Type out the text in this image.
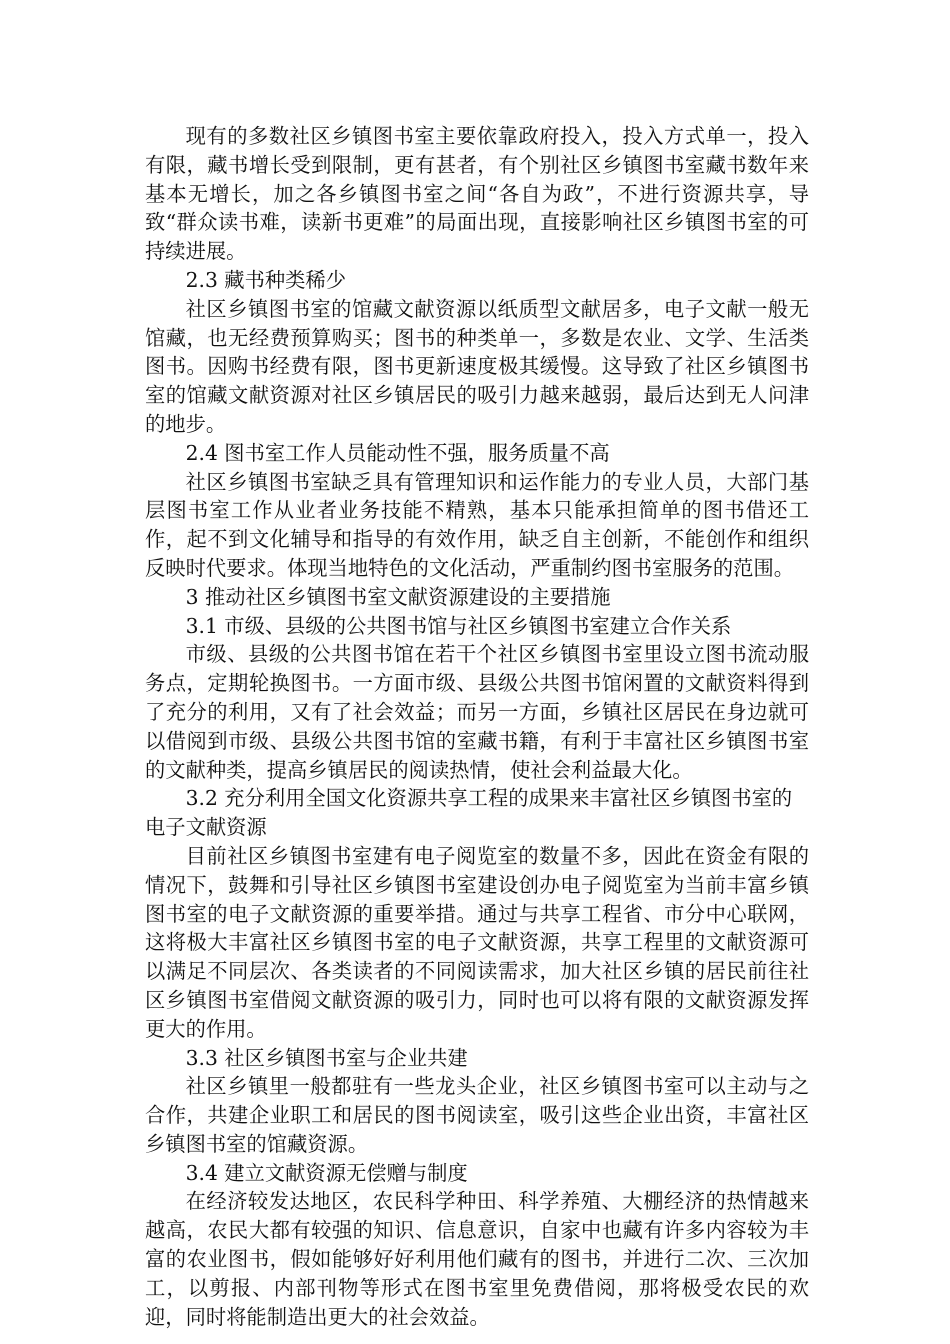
现有的多数社区乡镇图书室主要依靠政府投入，投入方式单一，投入有限，藏书增长受到限制，更有甚者，有个别社区乡镇图书室藏书数年来基本无增长，加之各乡镇图书室之间“各自为政”，不进行资源共享，导致“群众读书难，读新书更难”的局面出现，直接影响社区乡镇图书室的可持续进展。

2.3 藏书种类稀少

社区乡镇图书室的馆藏文献资源以纸质型文献居多，电子文献一般无馆藏，也无经费预算购买；图书的种类单一，多数是农业、文学、生活类图书。因购书经费有限，图书更新速度极其缓慢。这导致了社区乡镇图书室的馆藏文献资源对社区乡镇居民的吸引力越来越弱，最后达到无人问津的地步。

2.4 图书室工作人员能动性不强，服务质量不高

社区乡镇图书室缺乏具有管理知识和运作能力的专业人员，大部门基层图书室工作从业者业务技能不精熟，基本只能承担简单的图书借还工作，起不到文化辅导和指导的有效作用，缺乏自主创新，不能创作和组织反映时代要求。体现当地特色的文化活动，严重制约图书室服务的范围。

3 推动社区乡镇图书室文献资源建设的主要措施

3.1 市级、县级的公共图书馆与社区乡镇图书室建立合作关系

市级、县级的公共图书馆在若干个社区乡镇图书室里设立图书流动服务点，定期轮换图书。一方面市级、县级公共图书馆闲置的文献资料得到了充分的利用，又有了社会效益；而另一方面，乡镇社区居民在身边就可以借阅到市级、县级公共图书馆的室藏书籍，有利于丰富社区乡镇图书室的文献种类，提高乡镇居民的阅读热情，使社会利益最大化。

3.2 充分利用全国文化资源共享工程的成果来丰富社区乡镇图书室的电子文献资源

目前社区乡镇图书室建有电子阅览室的数量不多，因此在资金有限的情况下，鼓舞和引导社区乡镇图书室建设创办电子阅览室为当前丰富乡镇图书室的电子文献资源的重要举措。通过与共享工程省、市分中心联网，这将极大丰富社区乡镇图书室的电子文献资源，共享工程里的文献资源可以满足不同层次、各类读者的不同阅读需求，加大社区乡镇的居民前往社区乡镇图书室借阅文献资源的吸引力，同时也可以将有限的文献资源发挥更大的作用。

3.3 社区乡镇图书室与企业共建

社区乡镇里一般都驻有一些龙头企业，社区乡镇图书室可以主动与之合作，共建企业职工和居民的图书阅读室，吸引这些企业出资，丰富社区乡镇图书室的馆藏资源。

3.4 建立文献资源无偿赠与制度

在经济较发达地区，农民科学种田、科学养殖、大棚经济的热情越来越高，农民大都有较强的知识、信息意识，自家中也藏有许多内容较为丰富的农业图书，假如能够好好利用他们藏有的图书，并进行二次、三次加工，以剪报、内部刊物等形式在图书室里免费借阅，那将极受农民的欢迎，同时将能制造出更大的社会效益。
